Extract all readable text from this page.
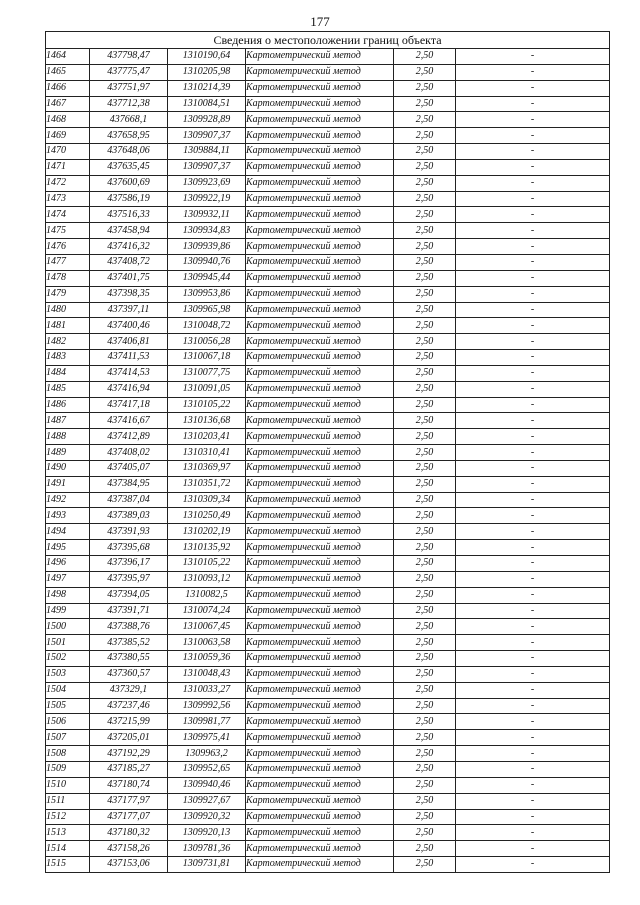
177
Сведения о местоположении границ объекта					
1464	437798,47	1310190,64	Картометрический метод	2,50	-
1465	437775,47	1310205,98	Картометрический метод	2,50	-
1466	437751,97	1310214,39	Картометрический метод	2,50	-
1467	437712,38	1310084,51	Картометрический метод	2,50	-
1468	437668,1	1309928,89	Картометрический метод	2,50	-
1469	437658,95	1309907,37	Картометрический метод	2,50	-
1470	437648,06	1309884,11	Картометрический метод	2,50	-
1471	437635,45	1309907,37	Картометрический метод	2,50	-
1472	437600,69	1309923,69	Картометрический метод	2,50	-
1473	437586,19	1309922,19	Картометрический метод	2,50	-
1474	437516,33	1309932,11	Картометрический метод	2,50	-
1475	437458,94	1309934,83	Картометрический метод	2,50	-
1476	437416,32	1309939,86	Картометрический метод	2,50	-
1477	437408,72	1309940,76	Картометрический метод	2,50	-
1478	437401,75	1309945,44	Картометрический метод	2,50	-
1479	437398,35	1309953,86	Картометрический метод	2,50	-
1480	437397,11	1309965,98	Картометрический метод	2,50	-
1481	437400,46	1310048,72	Картометрический метод	2,50	-
1482	437406,81	1310056,28	Картометрический метод	2,50	-
1483	437411,53	1310067,18	Картометрический метод	2,50	-
1484	437414,53	1310077,75	Картометрический метод	2,50	-
1485	437416,94	1310091,05	Картометрический метод	2,50	-
1486	437417,18	1310105,22	Картометрический метод	2,50	-
1487	437416,67	1310136,68	Картометрический метод	2,50	-
1488	437412,89	1310203,41	Картометрический метод	2,50	-
1489	437408,02	1310310,41	Картометрический метод	2,50	-
1490	437405,07	1310369,97	Картометрический метод	2,50	-
1491	437384,95	1310351,72	Картометрический метод	2,50	-
1492	437387,04	1310309,34	Картометрический метод	2,50	-
1493	437389,03	1310250,49	Картометрический метод	2,50	-
1494	437391,93	1310202,19	Картометрический метод	2,50	-
1495	437395,68	1310135,92	Картометрический метод	2,50	-
1496	437396,17	1310105,22	Картометрический метод	2,50	-
1497	437395,97	1310093,12	Картометрический метод	2,50	-
1498	437394,05	1310082,5	Картометрический метод	2,50	-
1499	437391,71	1310074,24	Картометрический метод	2,50	-
1500	437388,76	1310067,45	Картометрический метод	2,50	-
1501	437385,52	1310063,58	Картометрический метод	2,50	-
1502	437380,55	1310059,36	Картометрический метод	2,50	-
1503	437360,57	1310048,43	Картометрический метод	2,50	-
1504	437329,1	1310033,27	Картометрический метод	2,50	-
1505	437237,46	1309992,56	Картометрический метод	2,50	-
1506	437215,99	1309981,77	Картометрический метод	2,50	-
1507	437205,01	1309975,41	Картометрический метод	2,50	-
1508	437192,29	1309963,2	Картометрический метод	2,50	-
1509	437185,27	1309952,65	Картометрический метод	2,50	-
1510	437180,74	1309940,46	Картометрический метод	2,50	-
1511	437177,97	1309927,67	Картометрический метод	2,50	-
1512	437177,07	1309920,32	Картометрический метод	2,50	-
1513	437180,32	1309920,13	Картометрический метод	2,50	-
1514	437158,26	1309781,36	Картометрический метод	2,50	-
1515	437153,06	1309731,81	Картометрический метод	2,50	-
